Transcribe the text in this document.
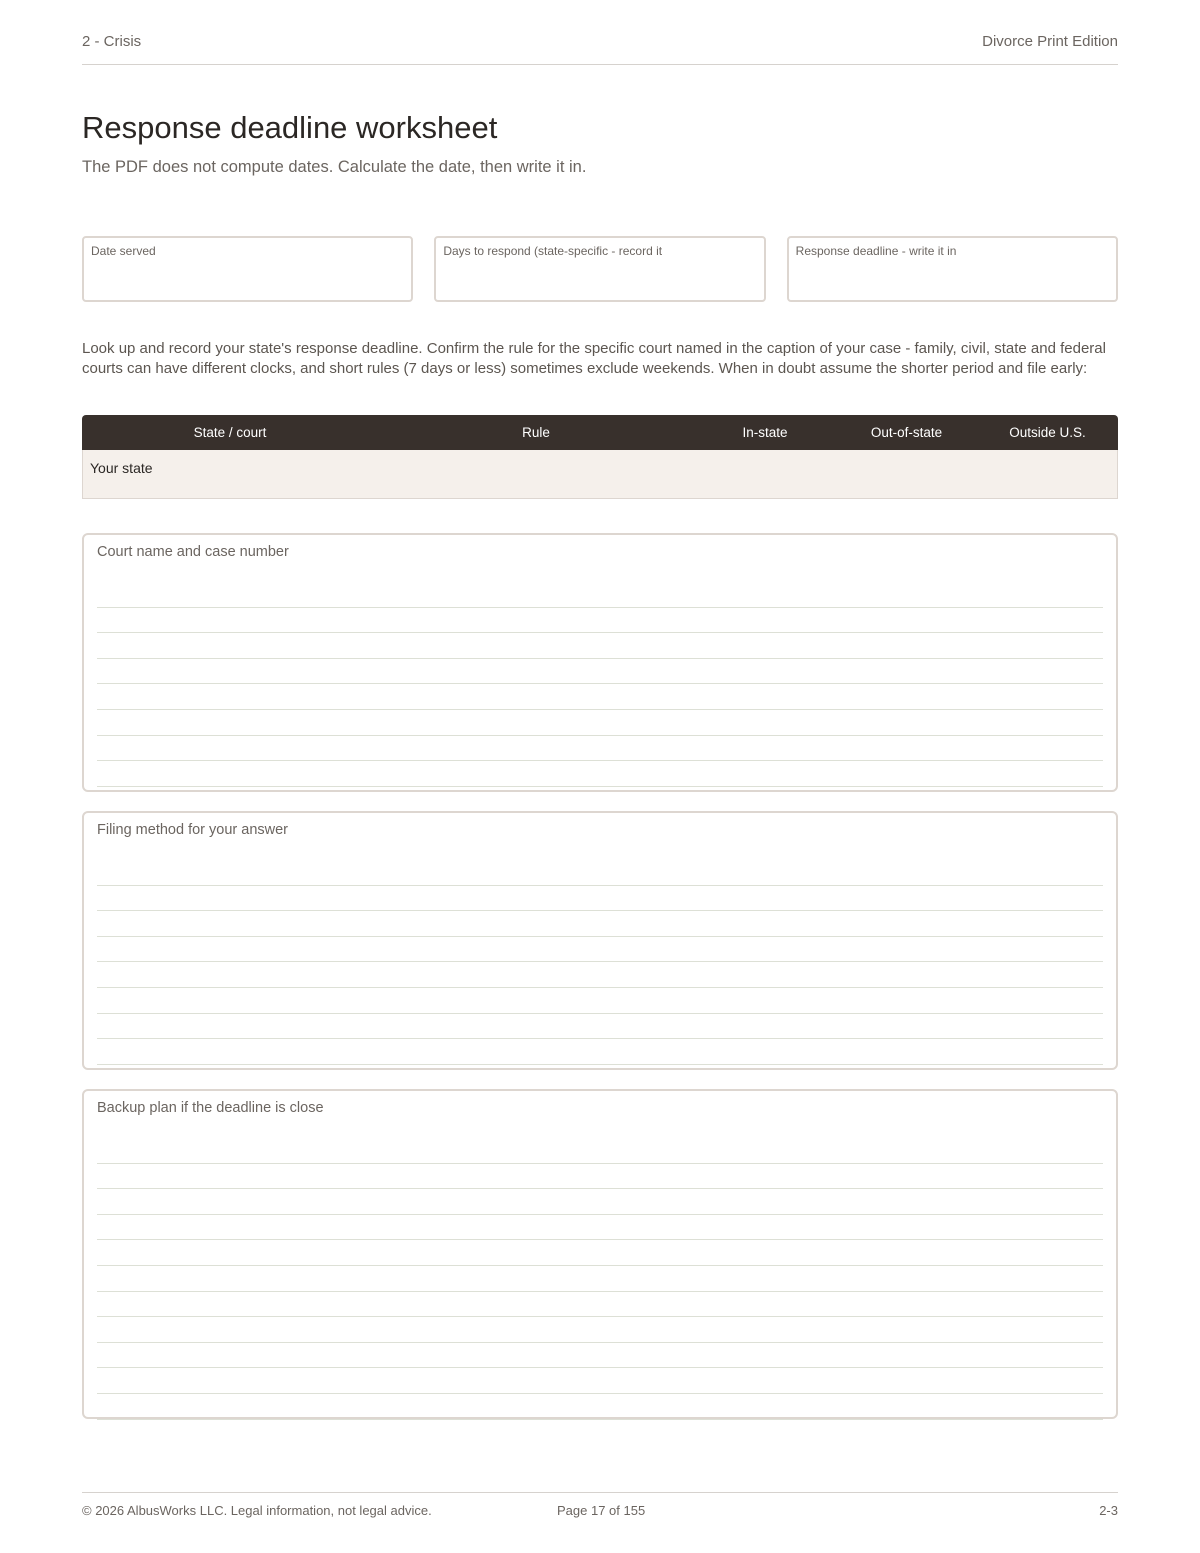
2 - Crisis	Divorce Print Edition
Response deadline worksheet

The PDF does not compute dates. Calculate the date, then write it in.

Date served	Days to respond (state-specific - record it	Response deadline - write it in

Look up and record your state's response deadline. Confirm the rule for the specific court named in the caption of your case - family, civil, state and federal courts can have different clocks, and short rules (7 days or less) sometimes exclude weekends. When in doubt assume the shorter period and file early:

State / court	Rule	In-state	Out-of-state	Outside U.S.
Your state
Court name and case number
Filing method for your answer
Backup plan if the deadline is close
© 2026 AlbusWorks LLC. Legal information, not legal advice.	Page 17 of 155	2-3
